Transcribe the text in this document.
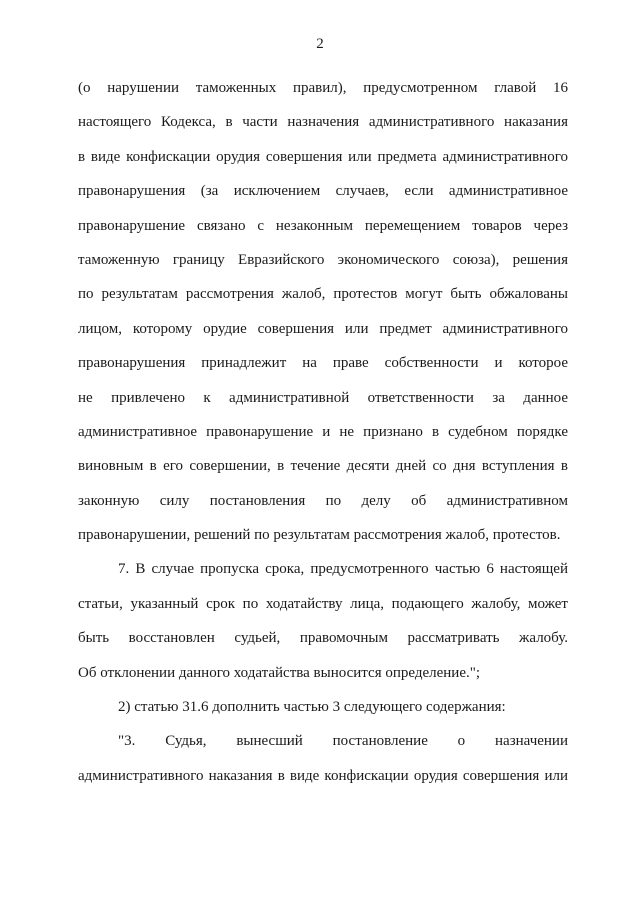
2
(о нарушении таможенных правил), предусмотренном главой 16
настоящего Кодекса, в части назначения административного наказания
в виде конфискации орудия совершения или предмета административного
правонарушения (за исключением случаев, если административное
правонарушение связано с незаконным перемещением товаров через
таможенную границу Евразийского экономического союза), решения
по результатам рассмотрения жалоб, протестов могут быть обжалованы
лицом, которому орудие совершения или предмет административного
правонарушения принадлежит на праве собственности и которое
не привлечено к административной ответственности за данное
административное правонарушение и не признано в судебном порядке
виновным в его совершении, в течение десяти дней со дня вступления в
законную силу постановления по делу об административном
правонарушении, решений по результатам рассмотрения жалоб, протестов.
7. В случае пропуска срока, предусмотренного частью 6 настоящей
статьи, указанный срок по ходатайству лица, подающего жалобу, может
быть восстановлен судьей, правомочным рассматривать жалобу.
Об отклонении данного ходатайства выносится определение.";
2) статью 31.6 дополнить частью 3 следующего содержания:
"3. Судья, вынесший постановление о назначении
административного наказания в виде конфискации орудия совершения или
